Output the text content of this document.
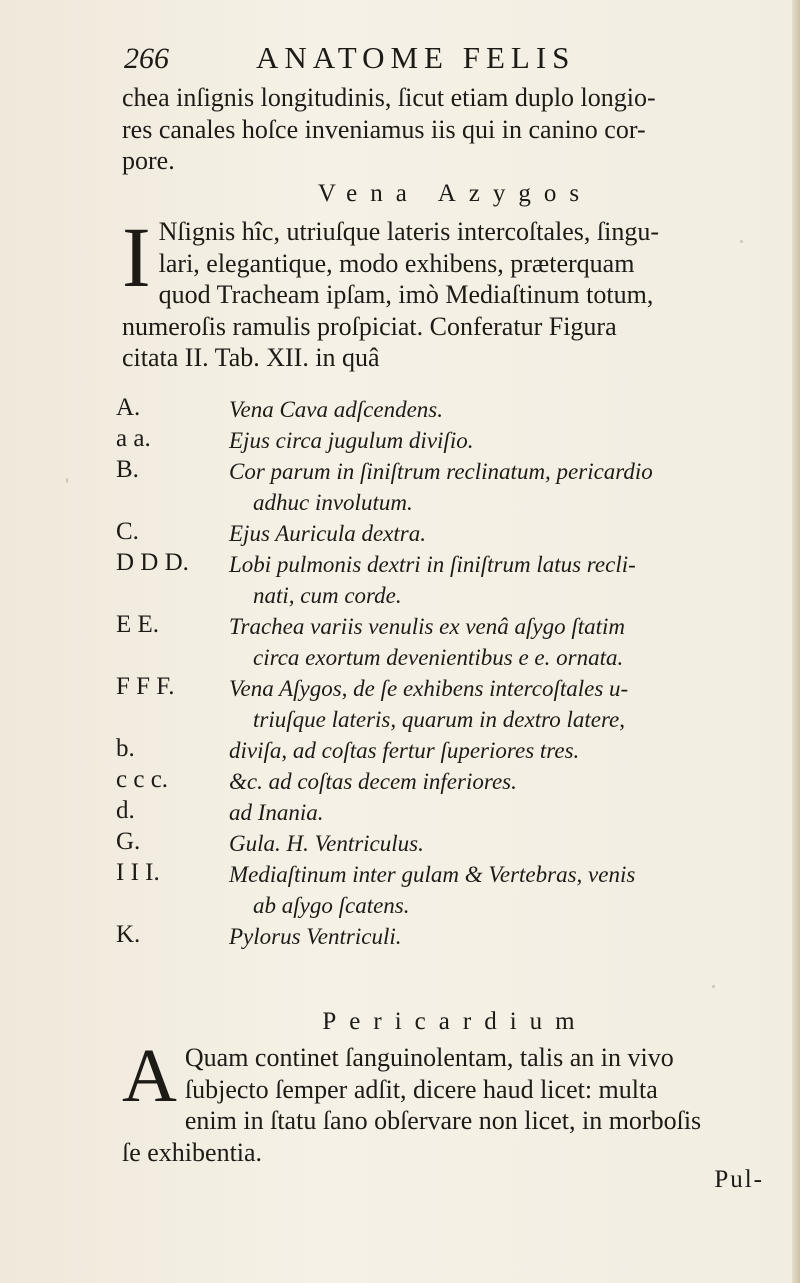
266	ANATOME FELIS
chea inſignis longitudinis, ſicut etiam duplo longio-
res canales hoſce inveniamus iis qui in canino cor-
pore.
Vena Azygos
I Nſignis hîc, utriuſque lateris intercoſtales, ſingu-
lari, elegantique, modo exhibens, præterquam
quod Tracheam ipſam, imò Mediaſtinum totum,
numeroſis ramulis proſpiciat. Conferatur Figura
citata II. Tab. XII. in quâ
A.	Vena Cava adſcendens.
a a.	Ejus circa jugulum diviſio.
B.	Cor parum in ſiniſtrum reclinatum, pericardio
adhuc involutum.
C.	Ejus Auricula dextra.
D D D. Lobi pulmonis dextri in ſiniſtrum latus recli-
nati, cum corde.
E E.	Trachea variis venulis ex venâ aſygo ſtatim
circa exortum devenientibus e e. ornata.
F F F. Vena Aſygos, de ſe exhibens intercoſtales u-
triuſque lateris, quarum in dextro latere,
b.	diviſa, ad coſtas fertur ſuperiores tres.
c c c.	&c. ad coſtas decem inferiores.
d.	ad Inania.
G.	Gula. H. Ventriculus.
I I I.	Mediaſtinum inter gulam & Vertebras, venis
ab aſygo ſcatens.
K.	Pylorus Ventriculi.
Pericardium
A Quam continet ſanguinolentam, talis an in vivo
ſubjecto ſemper adſit, dicere haud licet: multa
enim in ſtatu ſano obſervare non licet, in morboſis
ſe exhibentia.
Pul-
